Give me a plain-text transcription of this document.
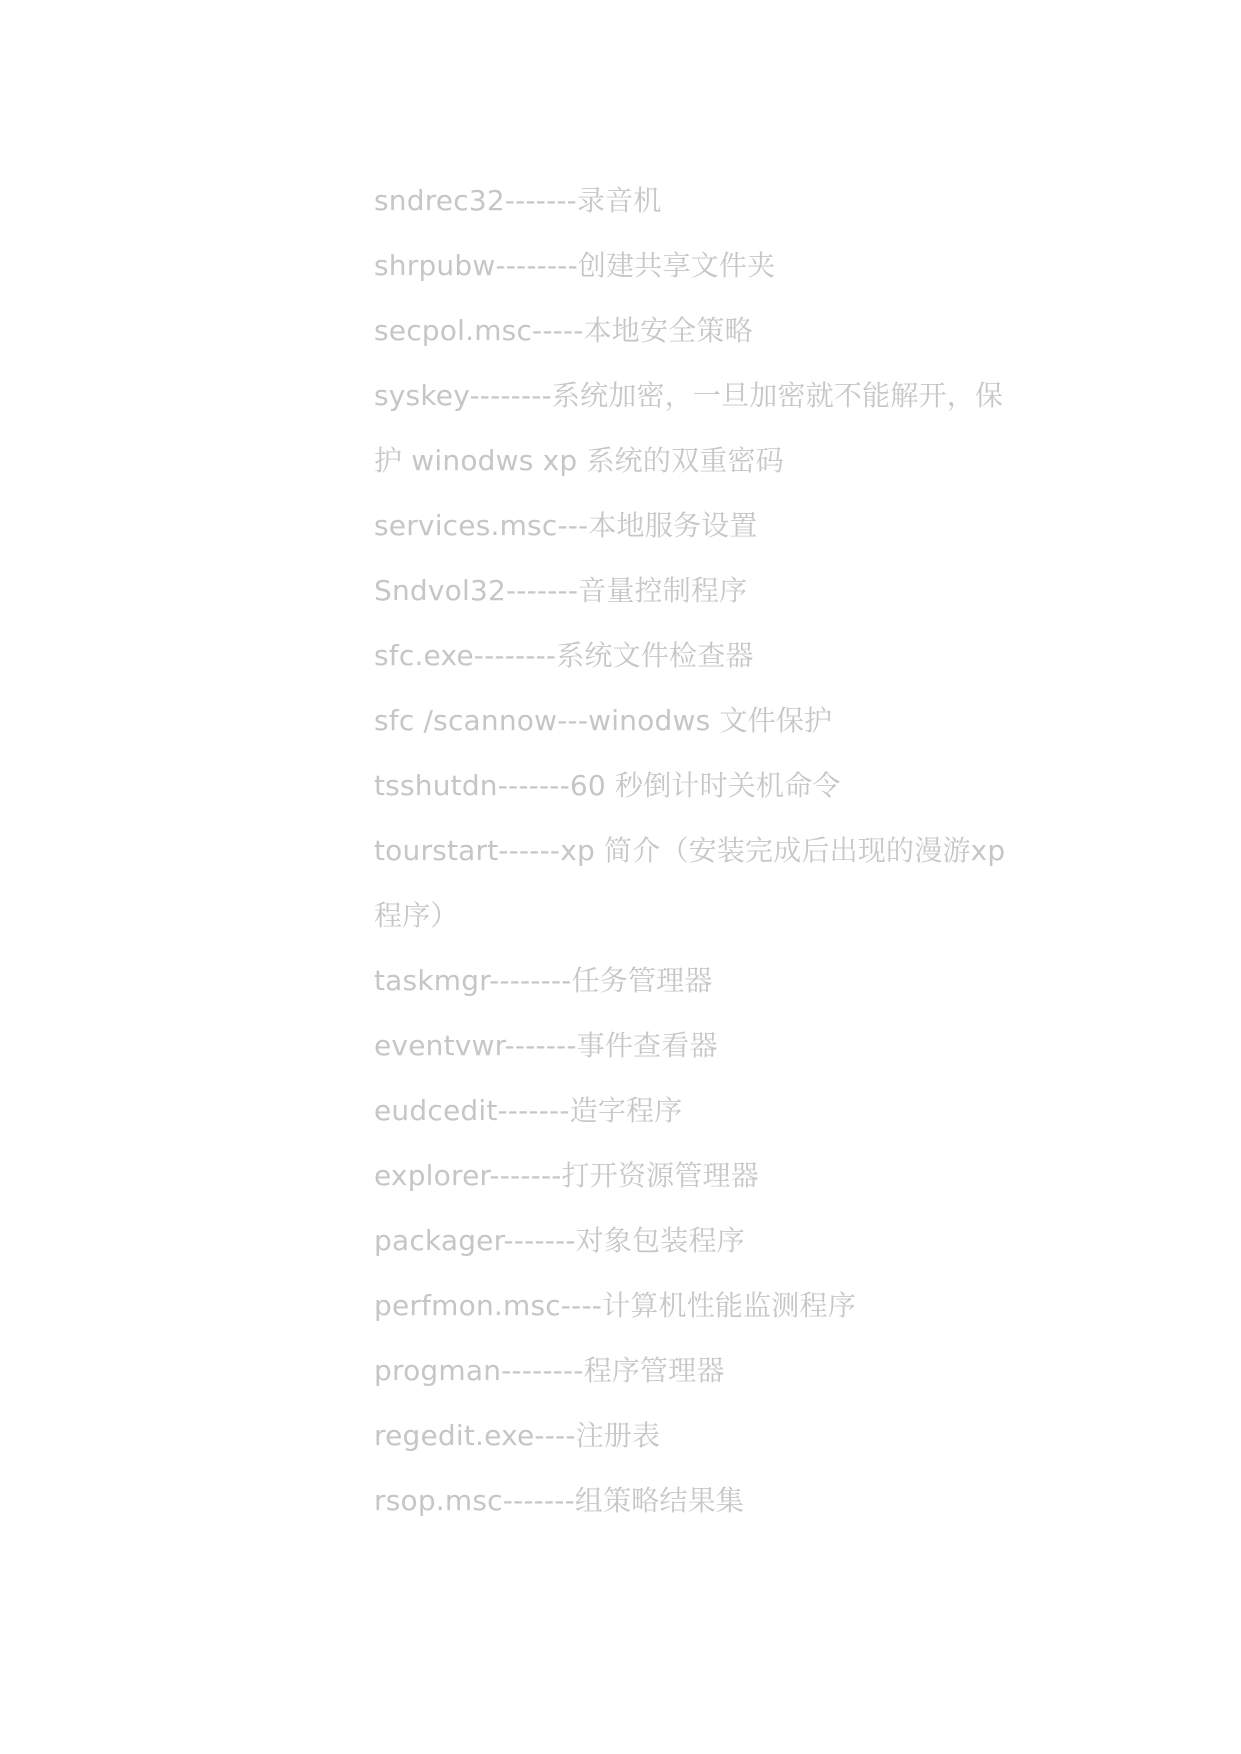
sndrec32-------录音机
shrpubw--------创建共享文件夹
secpol.msc-----本地安全策略
syskey--------系统加密，一旦加密就不能解开，保
护 winodws xp 系统的双重密码
services.msc---本地服务设置
Sndvol32-------音量控制程序
sfc.exe--------系统文件检查器
sfc /scannow---winodws 文件保护
tsshutdn-------60 秒倒计时关机命令
tourstart------xp 简介（安装完成后出现的漫游xp
程序）
taskmgr--------任务管理器
eventvwr-------事件查看器
eudcedit-------造字程序
explorer-------打开资源管理器
packager-------对象包装程序
perfmon.msc----计算机性能监测程序
progman--------程序管理器
regedit.exe----注册表
rsop.msc-------组策略结果集
